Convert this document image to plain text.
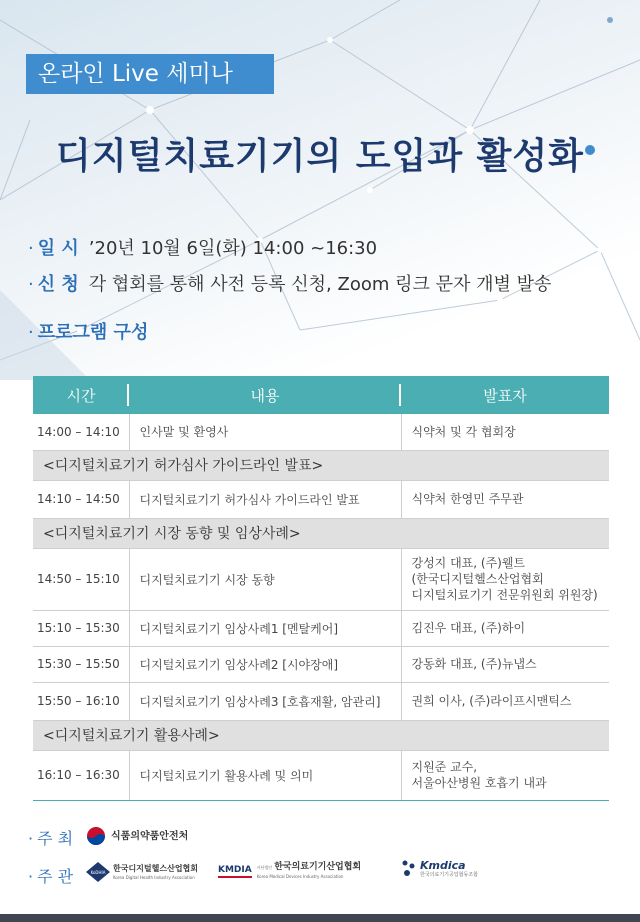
온라인 Live 세미나
디지털치료기기의 도입과 활성화
· 일 시 ’20년 10월 6일(화) 14:00 ~16:30
· 신 청 각 협회를 통해 사전 등록 신청, Zoom 링크 문자 개별 발송
· 프로그램 구성
시간	내용	발표자
14:00 – 14:10	인사말 및 환영사	식약처 및 각 협회장
<디지털치료기기 허가심사 가이드라인 발표>		
14:10 – 14:50	디지털치료기기 허가심사 가이드라인 발표	식약처 한영민 주무관
<디지털치료기기 시장 동향 및 임상사례>		
14:50 – 15:10	디지털치료기기 시장 동향	강성지 대표, (주)웰트
(한국디지털헬스산업협회
디지털치료기기 전문위원회 위원장)

15:10 – 15:30	디지털치료기기 임상사례1 [멘탈케어]	김진우 대표, (주)하이
15:30 – 15:50	디지털치료기기 임상사례2 [시야장애]	강동화 대표, (주)뉴냅스
15:50 – 16:10	디지털치료기기 임상사례3 [호흡재활, 암관리]	권희 이사, (주)라이프시맨틱스
<디지털치료기기 활용사례>		
16:10 – 16:30	디지털치료기기 활용사례 및 의미	지원준 교수,
서울아산병원 호흡기 내과
· 주 최	식품의약품안전처
· 주 관	KoDHIA 한국디지털헬스산업협회
Korea Digital Health Industry Association
KMDIA 사단법인 한국의료기기산업협회
Korea Medical Devices Industry Association
Kmdica
한국의료기기공업협동조합
